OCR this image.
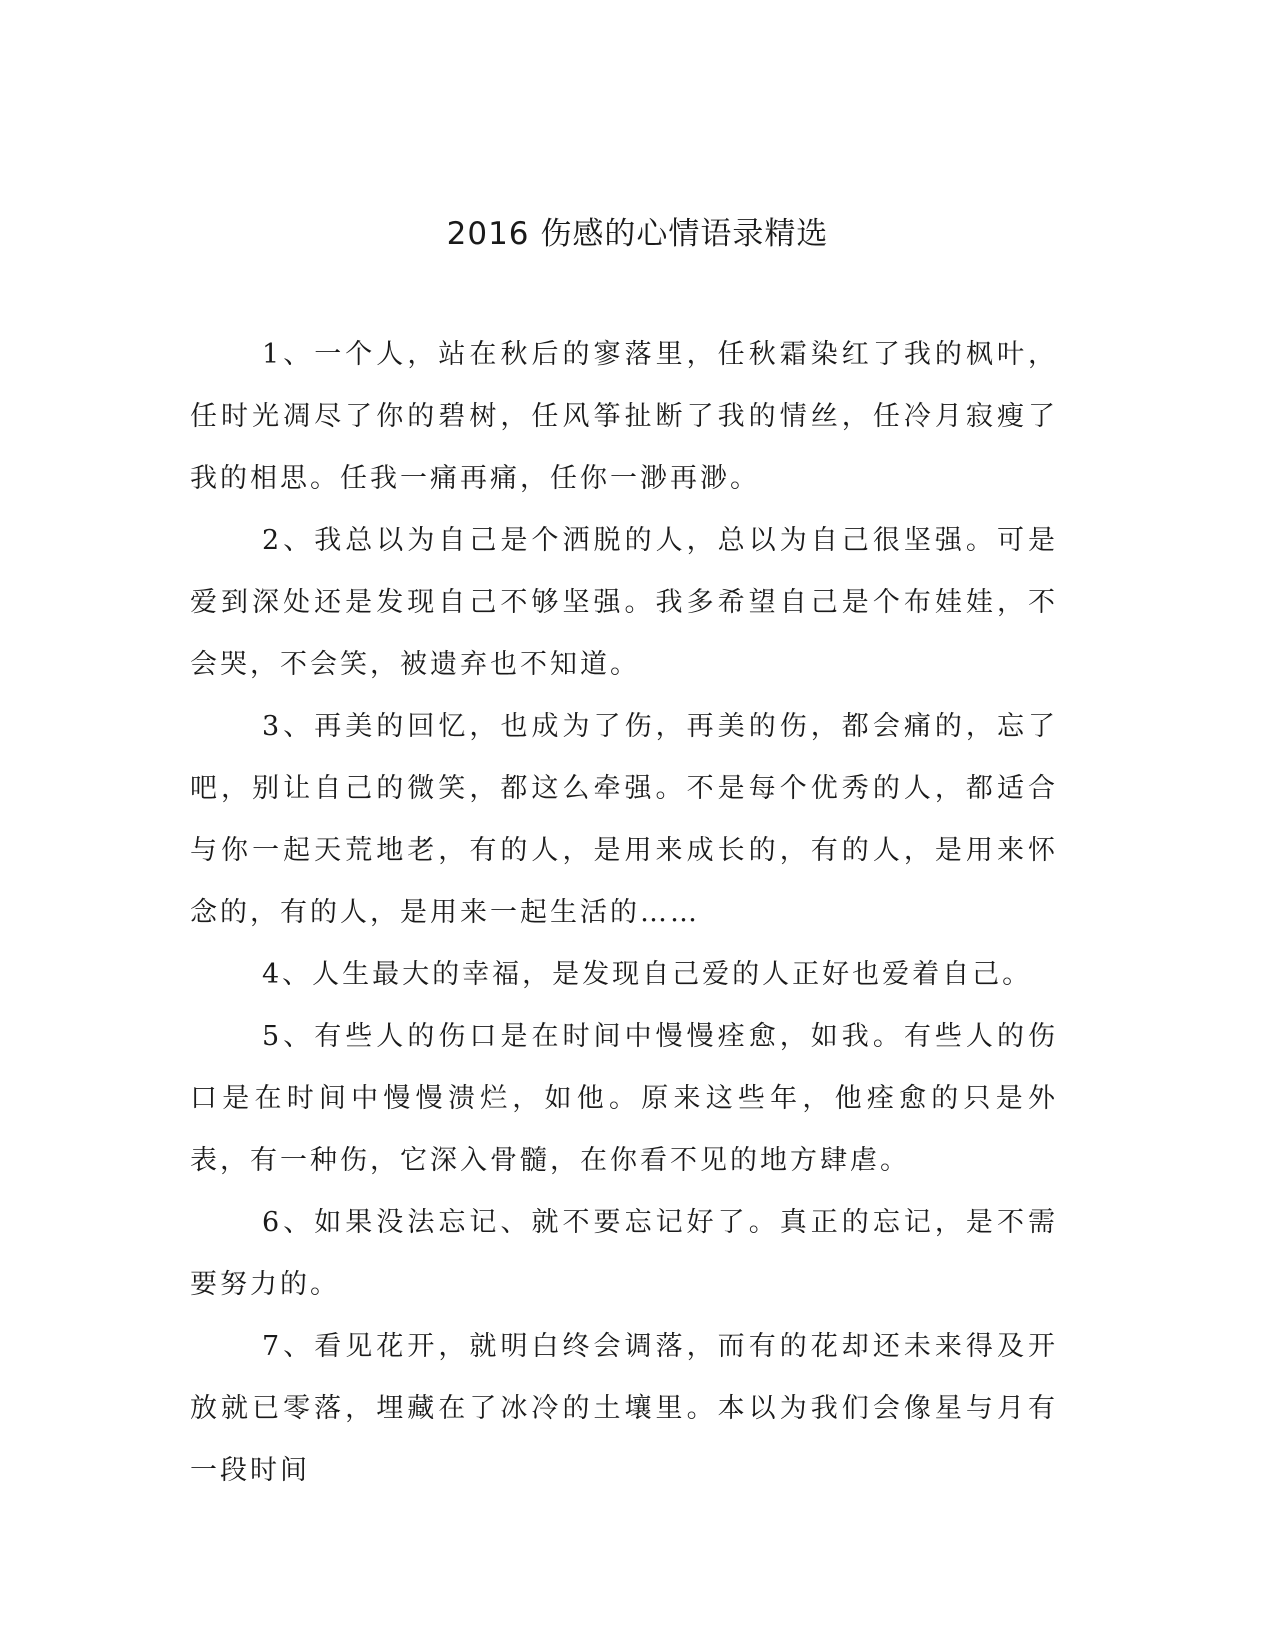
2016 伤感的心情语录精选

1、一个人，站在秋后的寥落里，任秋霜染红了我的枫叶，任时光凋尽了你的碧树，任风筝扯断了我的情丝，任冷月寂瘦了我的相思。任我一痛再痛，任你一渺再渺。

2、我总以为自己是个洒脱的人，总以为自己很坚强。可是爱到深处还是发现自己不够坚强。我多希望自己是个布娃娃，不会哭，不会笑，被遗弃也不知道。

3、再美的回忆，也成为了伤，再美的伤，都会痛的，忘了吧，别让自己的微笑，都这么牵强。不是每个优秀的人，都适合与你一起天荒地老，有的人，是用来成长的，有的人，是用来怀念的，有的人，是用来一起生活的……

4、人生最大的幸福，是发现自己爱的人正好也爱着自己。

5、有些人的伤口是在时间中慢慢痊愈，如我。有些人的伤口是在时间中慢慢溃烂，如他。原来这些年，他痊愈的只是外表，有一种伤，它深入骨髓，在你看不见的地方肆虐。

6、如果没法忘记、就不要忘记好了。真正的忘记，是不需要努力的。

7、看见花开，就明白终会调落，而有的花却还未来得及开放就已零落，埋藏在了冰冷的土壤里。本以为我们会像星与月有一段时间
